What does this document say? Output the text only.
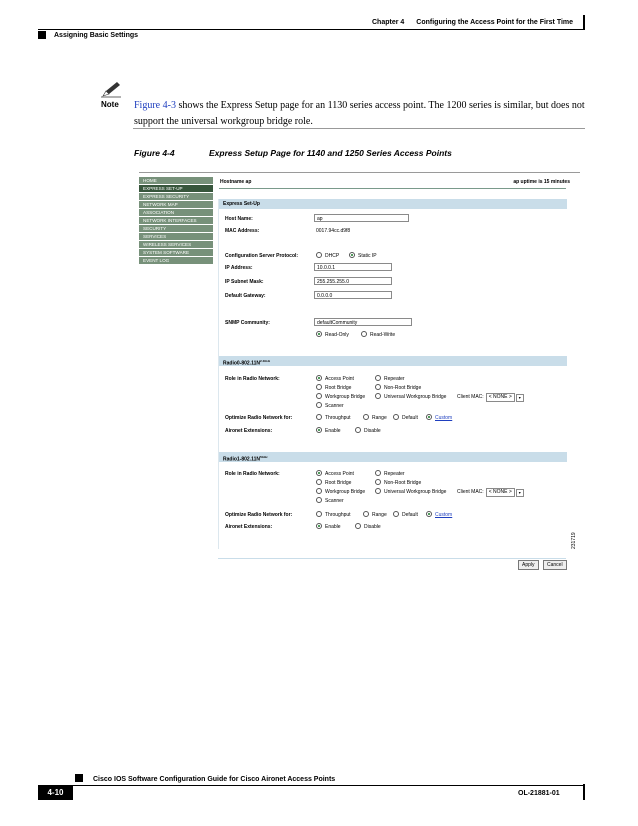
Chapter 4 Configuring the Access Point for the First Time
Assigning Basic Settings
Note Figure 4-3 shows the Express Setup page for an 1130 series access point. The 1200 series is similar, but does not support the universal workgroup bridge role.
Figure 4-4	Express Setup Page for 1140 and 1250 Series Access Points
HOME
EXPRESS SET-UP
EXPRESS SECURITY
NETWORK MAP
ASSOCIATION
NETWORK INTERFACES
SECURITY
SERVICES
WIRELESS SERVICES
SYSTEM SOFTWARE
EVENT LOG
Hostname ap	ap uptime is 15 minutes
Express Set-Up
Host Name:	ap
MAC Address:	0017.94cc.d9f8
Configuration Server Protocol:	DHCP	Static IP
IP Address:	10.0.0.1
IP Subnet Mask:	255.255.255.0
Default Gateway:	0.0.0.0
SNMP Community:	defaultCommunity
Read-Only	Read-Write
$Radio0-802.11N^{2.4GHz}$
Role in Radio Network:	Access Point	Repeater
Root Bridge	Non-Root Bridge
Workgroup Bridge	Universal Workgroup Bridge Client MAC: < NONE > ▾
Scanner
Optimize Radio Network for:	Throughput	Range	Default	Custom
Aironet Extensions:	Enable	Disable
$Radio1-802.11N^{5GHz}$
Role in Radio Network:	Access Point	Repeater
Root Bridge	Non-Root Bridge
Workgroup Bridge	Universal Workgroup Bridge Client MAC: < NONE > ▾
Scanner
Optimize Radio Network for:	Throughput	Range	Default	Custom
Aironet Extensions:	Enable	Disable
Apply	Cancel
231719
Cisco IOS Software Configuration Guide for Cisco Aironet Access Points
4-10	OL-21881-01
